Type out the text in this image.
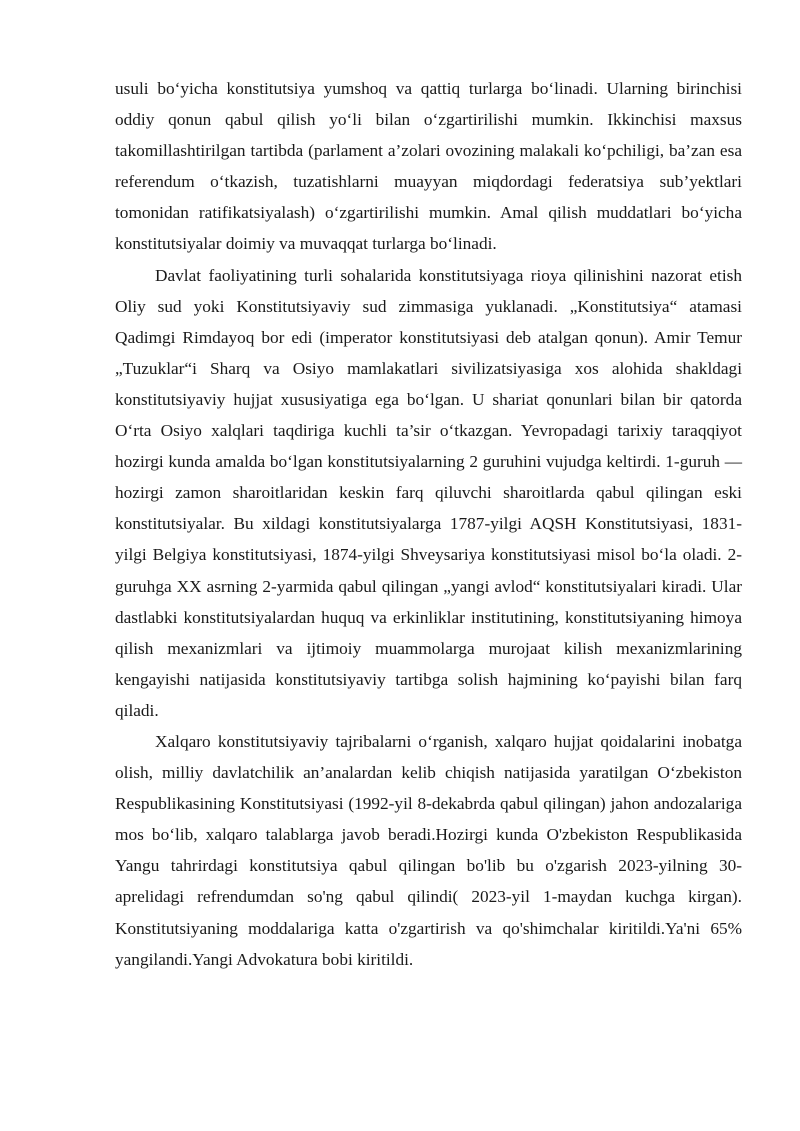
usuli bo‘yicha konstitutsiya yumshoq va qattiq turlarga bo‘linadi. Ularning birinchisi oddiy qonun qabul qilish yo‘li bilan o‘zgartirilishi mumkin. Ikkinchisi maxsus takomillashtirilgan tartibda (parlament a’zolari ovozining malakali ko‘pchiligi, ba’zan esa referendum o‘tkazish, tuzatishlarni muayyan miqdordagi federatsiya sub’yektlari tomonidan ratifikatsiyalash) o‘zgartirilishi mumkin. Amal qilish muddatlari bo‘yicha konstitutsiyalar doimiy va muvaqqat turlarga bo‘linadi.

Davlat faoliyatining turli sohalarida konstitutsiyaga rioya qilinishini nazorat etish Oliy sud yoki Konstitutsiyaviy sud zimmasiga yuklanadi. „Konstitutsiya“ atamasi Qadimgi Rimdayoq bor edi (imperator konstitutsiyasi deb atalgan qonun). Amir Temur „Tuzuklar“i Sharq va Osiyo mamlakatlari sivilizatsiyasiga xos alohida shakldagi konstitutsiyaviy hujjat xususiyatiga ega bo‘lgan. U shariat qonunlari bilan bir qatorda O‘rta Osiyo xalqlari taqdiriga kuchli ta’sir o‘tkazgan. Yevropadagi tarixiy taraqqiyot hozirgi kunda amalda bo‘lgan konstitutsiyalarning 2 guruhini vujudga keltirdi. 1-guruh — hozirgi zamon sharoitlaridan keskin farq qiluvchi sharoitlarda qabul qilingan eski konstitutsiyalar. Bu xildagi konstitutsiyalarga 1787-yilgi AQSH Konstitutsiyasi, 1831-yilgi Belgiya konstitutsiyasi, 1874-yilgi Shveysariya konstitutsiyasi misol bo‘la oladi. 2-guruhga XX asrning 2-yarmida qabul qilingan „yangi avlod“ konstitutsiyalari kiradi. Ular dastlabki konstitutsiyalardan huquq va erkinliklar institutining, konstitutsiyaning himoya qilish mexanizmlari va ijtimoiy muammolarga murojaat kilish mexanizmlarining kengayishi natijasida konstitutsiyaviy tartibga solish hajmining ko‘payishi bilan farq qiladi.

Xalqaro konstitutsiyaviy tajribalarni o‘rganish, xalqaro hujjat qoidalarini inobatga olish, milliy davlatchilik an’analardan kelib chiqish natijasida yaratilgan O‘zbekiston Respublikasining Konstitutsiyasi (1992-yil 8-dekabrda qabul qilingan) jahon andozalariga mos bo‘lib, xalqaro talablarga javob beradi.Hozirgi kunda O'zbekiston Respublikasida Yangu tahrirdagi konstitutsiya qabul qilingan bo'lib bu o'zgarish 2023-yilning 30-aprelidagi refrendumdan so'ng qabul qilindi( 2023-yil 1-maydan kuchga kirgan). Konstitutsiyaning moddalariga katta o'zgartirish va qo'shimchalar kiritildi.Ya'ni 65% yangilandi.Yangi Advokatura bobi kiritildi.
